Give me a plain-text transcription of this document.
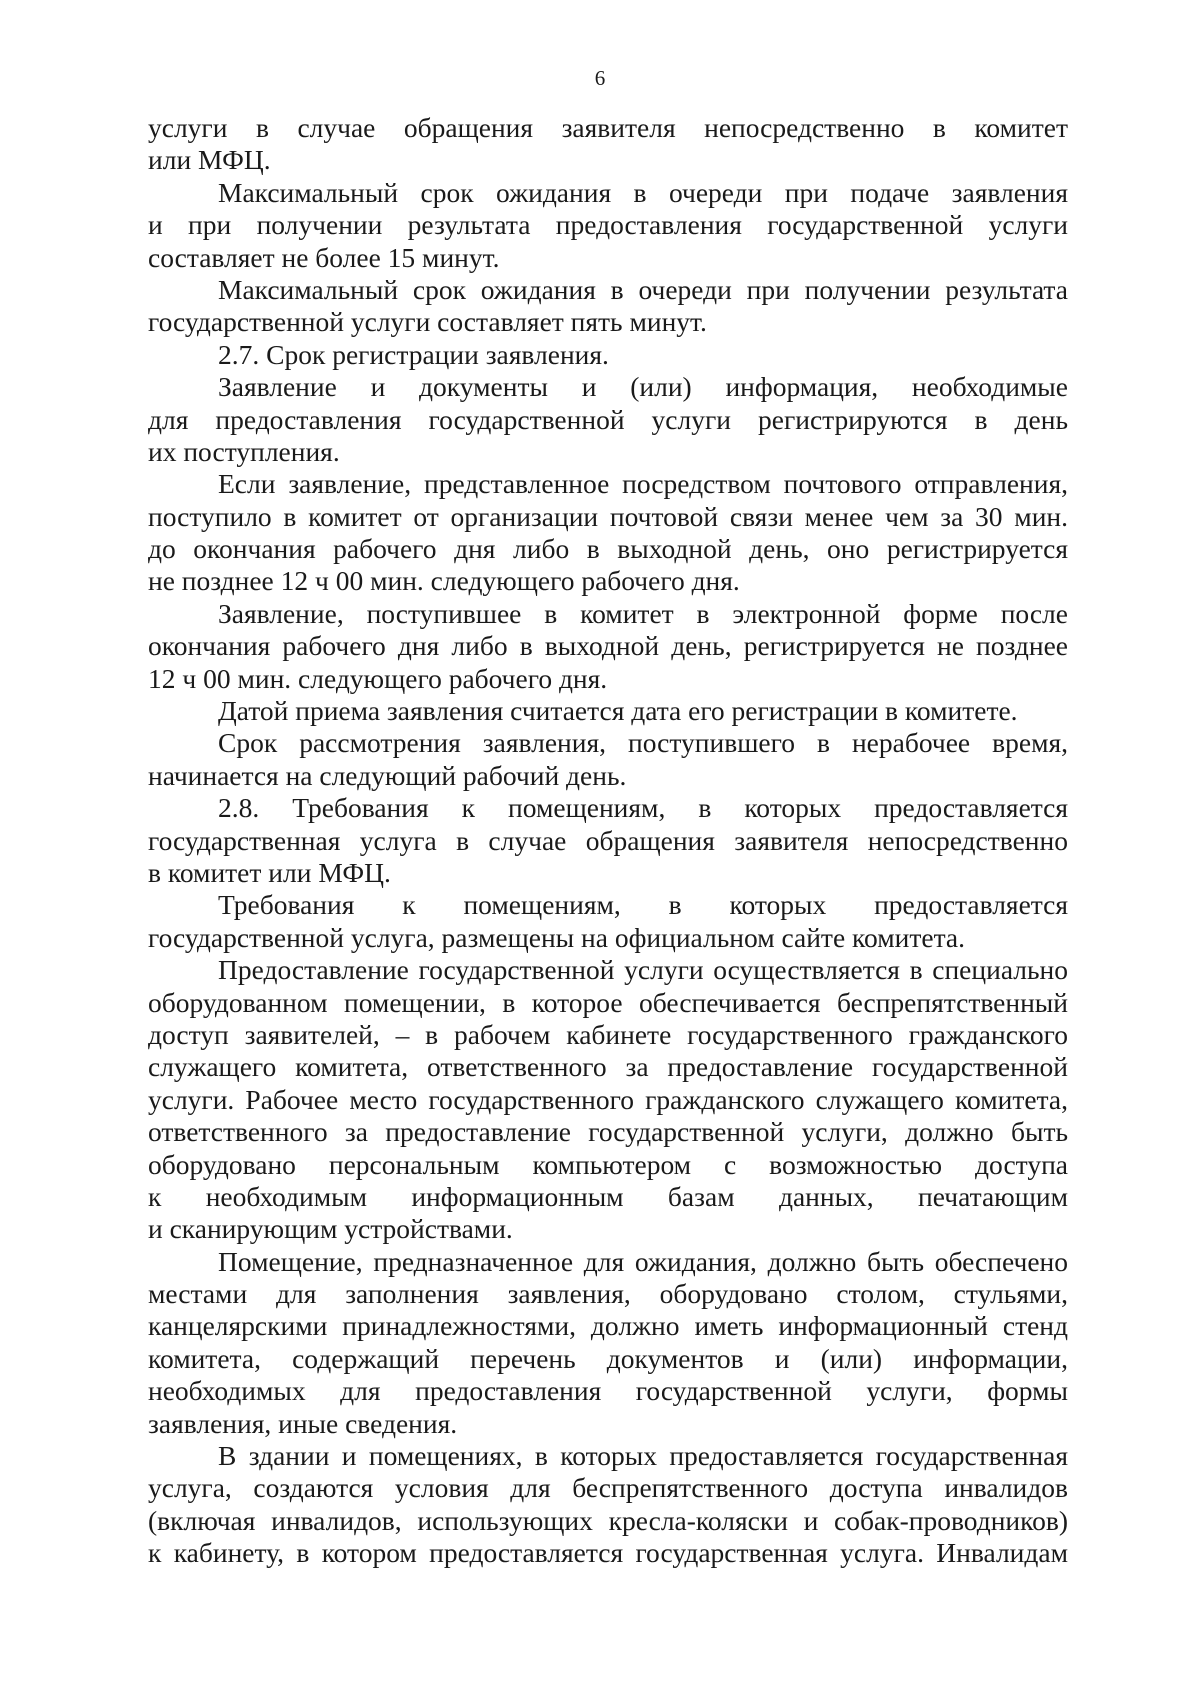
6
услуги в случае обращения заявителя непосредственно в комитет
или МФЦ.
Максимальный срок ожидания в очереди при подаче заявления
и при получении результата предоставления государственной услуги
составляет не более 15 минут.
Максимальный срок ожидания в очереди при получении результата
государственной услуги составляет пять минут.
2.7. Срок регистрации заявления.
Заявление и документы и (или) информация, необходимые
для предоставления государственной услуги регистрируются в день
их поступления.
Если заявление, представленное посредством почтового отправления,
поступило в комитет от организации почтовой связи менее чем за 30 мин.
до окончания рабочего дня либо в выходной день, оно регистрируется
не позднее 12 ч 00 мин. следующего рабочего дня.
Заявление, поступившее в комитет в электронной форме после
окончания рабочего дня либо в выходной день, регистрируется не позднее
12 ч 00 мин. следующего рабочего дня.
Датой приема заявления считается дата его регистрации в комитете.
Срок рассмотрения заявления, поступившего в нерабочее время,
начинается на следующий рабочий день.
2.8. Требования к помещениям, в которых предоставляется
государственная услуга в случае обращения заявителя непосредственно
в комитет или МФЦ.
Требования к помещениям, в которых предоставляется
государственной услуга, размещены на официальном сайте комитета.
Предоставление государственной услуги осуществляется в специально
оборудованном помещении, в которое обеспечивается беспрепятственный
доступ заявителей, – в рабочем кабинете государственного гражданского
служащего комитета, ответственного за предоставление государственной
услуги. Рабочее место государственного гражданского служащего комитета,
ответственного за предоставление государственной услуги, должно быть
оборудовано персональным компьютером с возможностью доступа
к необходимым информационным базам данных, печатающим
и сканирующим устройствами.
Помещение, предназначенное для ожидания, должно быть обеспечено
местами для заполнения заявления, оборудовано столом, стульями,
канцелярскими принадлежностями, должно иметь информационный стенд
комитета, содержащий перечень документов и (или) информации,
необходимых для предоставления государственной услуги, формы
заявления, иные сведения.
В здании и помещениях, в которых предоставляется государственная
услуга, создаются условия для беспрепятственного доступа инвалидов
(включая инвалидов, использующих кресла-коляски и собак-проводников)
к кабинету, в котором предоставляется государственная услуга. Инвалидам
